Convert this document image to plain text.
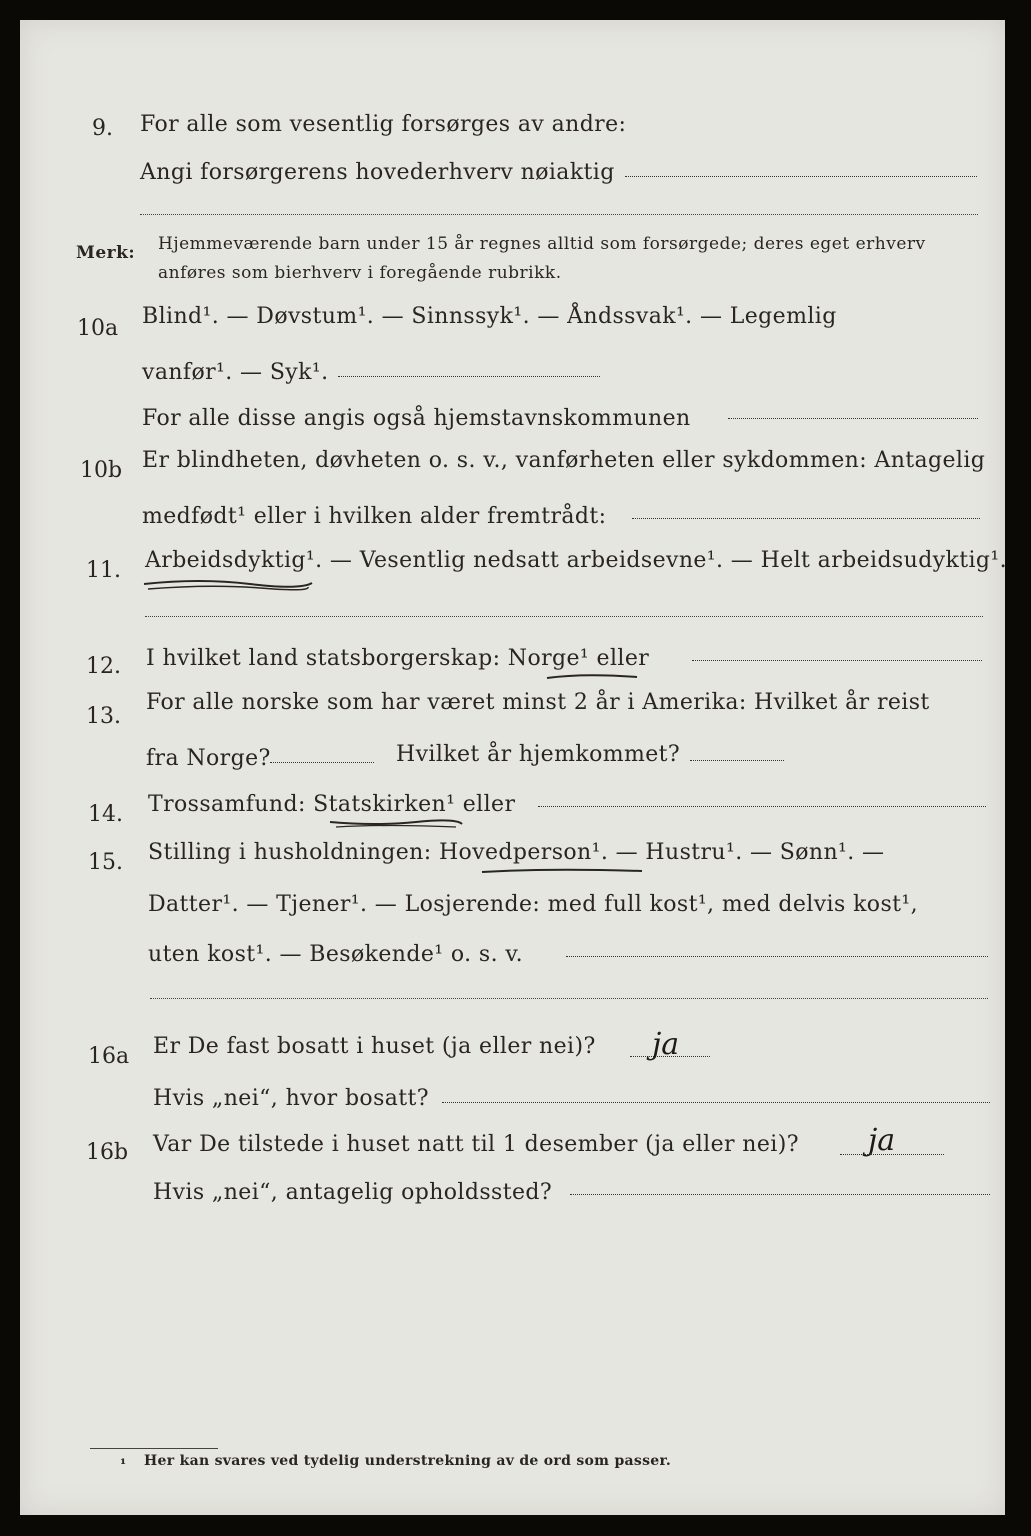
9. For alle som vesentlig forsørges av andre:
Angi forsørgerens hovederhverv nøiaktig
Merk: Hjemmeværende barn under 15 år regnes alltid som forsørgede; deres eget erhverv
anføres som bierhverv i foregående rubrikk.
10a Blind¹. — Døvstum¹. — Sinnssyk¹. — Åndssvak¹. — Legemlig
vanfør¹. — Syk¹.
For alle disse angis også hjemstavnskommunen
10b Er blindheten, døvheten o. s. v., vanførheten eller sykdommen: Antagelig
medfødt¹ eller i hvilken alder fremtrådt:
11. Arbeidsdyktig¹. — Vesentlig nedsatt arbeidsevne¹. — Helt arbeidsudyktig¹.
12. I hvilket land statsborgerskap: Norge¹ eller
13.
For alle norske som har været minst 2 år i Amerika: Hvilket år reist
fra Norge?	Hvilket år hjemkommet?
14. Trossamfund: Statskirken¹ eller
15. Stilling i husholdningen: Hovedperson¹. — Hustru¹. — Sønn¹. —
Datter¹. — Tjener¹. — Losjerende: med full kost¹, med delvis kost¹,
uten kost¹. — Besøkende¹ o. s. v.
16a Er De fast bosatt i huset (ja eller nei)? ja
Hvis „nei“, hvor bosatt?
16b Var De tilstede i huset natt til 1 desember (ja eller nei)? ja
Hvis „nei“, antagelig opholdssted?
¹ Her kan svares ved tydelig understrekning av de ord som passer.
